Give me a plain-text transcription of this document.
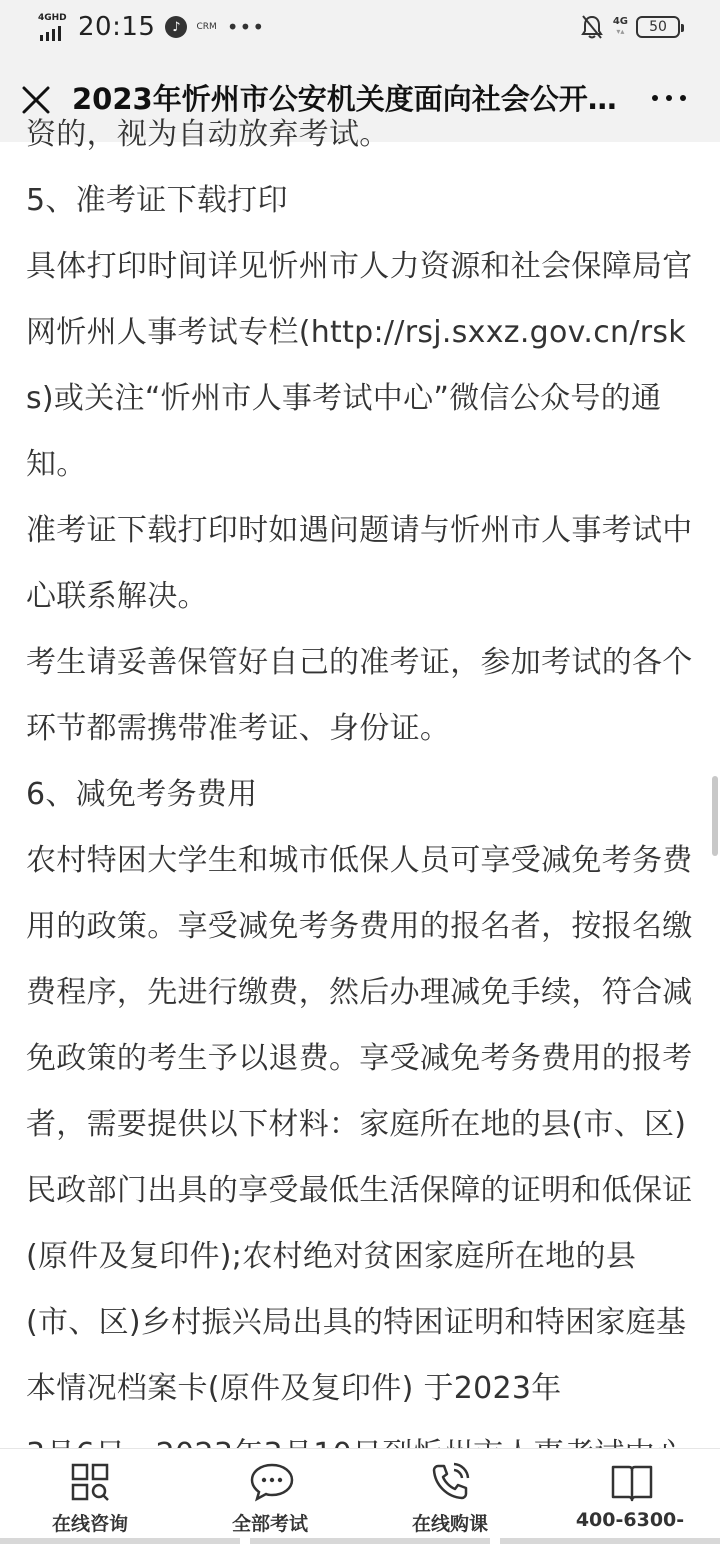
4GHD 20:15	♪	CRM •••	4G
▾▴ 50
2023年忻州市公安机关度面向社会公开…

资的，视为自动放弃考试。

5、准考证下载打印

具体打印时间详见忻州市人力资源和社会保障局官网忻州人事考试专栏(http://rsj.sxxz.gov.cn/rsks)或关注“忻州市人事考试中心”微信公众号的通知。

准考证下载打印时如遇问题请与忻州市人事考试中心联系解决。

考生请妥善保管好自己的准考证，参加考试的各个环节都需携带准考证、身份证。

6、减免考务费用

农村特困大学生和城市低保人员可享受减免考务费用的政策。享受减免考务费用的报名者，按报名缴费程序，先进行缴费，然后办理减免手续，符合减免政策的考生予以退费。享受减免考务费用的报考者，需要提供以下材料：家庭所在地的县(市、区)民政部门出具的享受最低生活保障的证明和低保证(原件及复印件);农村绝对贫困家庭所在地的县(市、区)乡村振兴局出具的特困证明和特困家庭基本情况档案卡(原件及复印件) 于2023年

在线咨询	全部考试	在线购课	400-6300-
